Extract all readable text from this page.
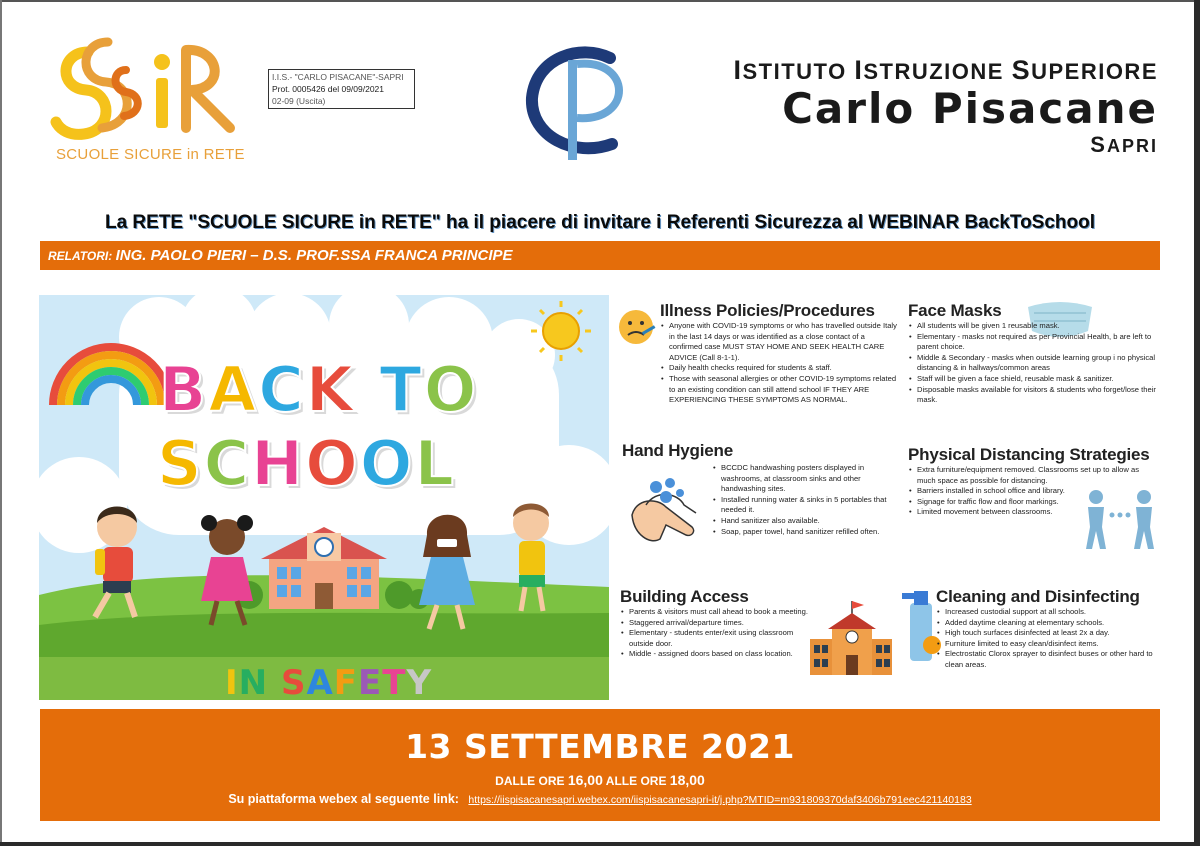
SCUOLE SICURE in RETE
I.I.S.- "CARLO PISACANE"-SAPRI
Prot. 0005426 del 09/09/2021
02-09 (Uscita)
ISTITUTO ISTRUZIONE SUPERIORE
Carlo Pisacane
SAPRI
La RETE "SCUOLE SICURE in RETE" ha il piacere di invitare i Referenti Sicurezza al WEBINAR BackToSchool
RELATORI: ING. PAOLO PIERI – D.S. PROF.SSA FRANCA PRINCIPE
BACK TO
SCHOOL
IN SAFETY
Illness Policies/Procedures
• Anyone with COVID-19 symptoms or who has travelled outside Italy in the last 14 days or was identified as a close contact of a confirmed case MUST STAY HOME AND SEEK HEALTH CARE ADVICE (Call 8-1-1).
• Daily health checks required for students & staff.
• Those with seasonal allergies or other COVID-19 symptoms related to an existing condition can still attend school IF THEY ARE EXPERIENCING THESE SYMPTOMS AS NORMAL.
Face Masks
• All students will be given 1 reusable mask.
• Elementary - masks not required as per Provincial Health, b are left to parent choice.
• Middle & Secondary - masks when outside learning group i no physical distancing & in hallways/common areas
• Staff will be given a face shield, reusable mask & sanitizer.
• Disposable masks available for visitors & students who forget/lose their mask.
Hand Hygiene
• BCCDC handwashing posters displayed in washrooms, at classroom sinks and other handwashing sites.
• Installed running water & sinks in 5 portables that needed it.
• Hand sanitizer also available.
• Soap, paper towel, hand sanitizer refilled often.
Physical Distancing Strategies
• Extra furniture/equipment removed. Classrooms set up to allow as much space as possible for distancing.
• Barriers installed in school office and library.
• Signage for traffic flow and floor markings.
• Limited movement between classrooms.
Building Access
• Parents & visitors must call ahead to book a meeting.
• Staggered arrival/departure times.
• Elementary - students enter/exit using classroom outside door.
• Middle - assigned doors based on class location.
Cleaning and Disinfecting
• Increased custodial support at all schools.
• Added daytime cleaning at elementary schools.
• High touch surfaces disinfected at least 2x a day.
• Furniture limited to easy clean/disinfect items.
• Electrostatic Clorox sprayer to disinfect buses or other hard to clean areas.
13 SETTEMBRE 2021
DALLE ORE 16,00 ALLE ORE 18,00
Su piattaforma webex al seguente link: https://iispisacanesapri.webex.com/iispisacanesapri-it/j.php?MTID=m931809370daf3406b791eec421140183
